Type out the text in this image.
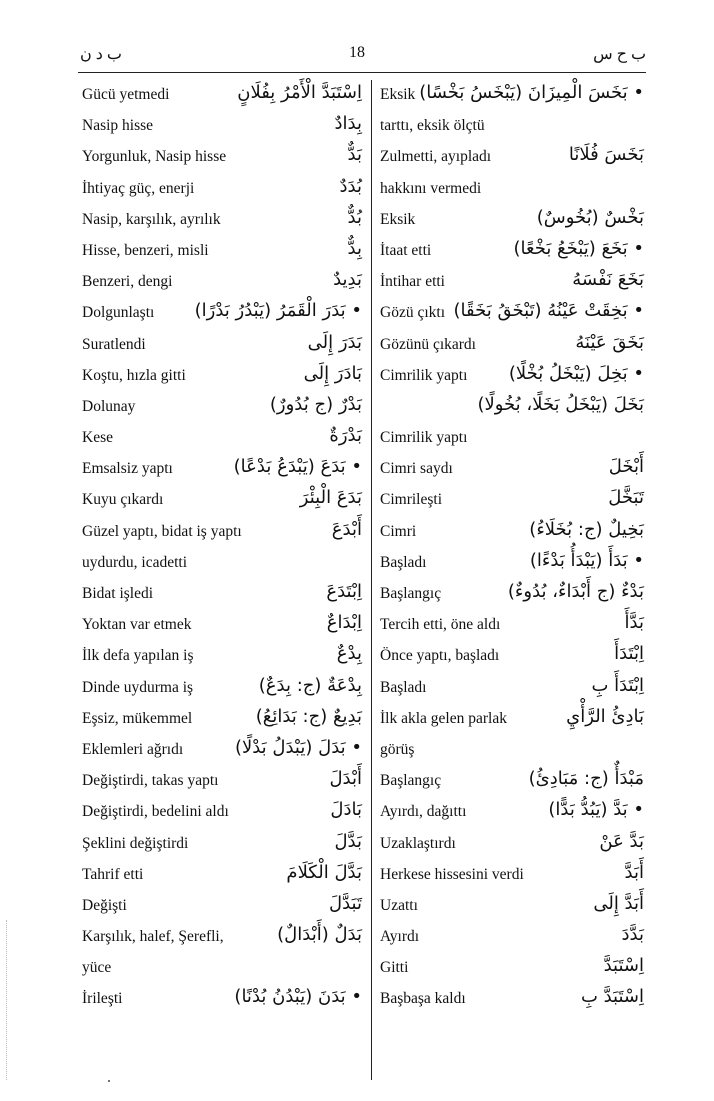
ب د ن	18	ب ح س
Gücü yetmedi	اِسْتَبَدَّ الْأَمْرُ بِفُلَانٍ
Nasip hisse	بِدَادٌ
Yorgunluk, Nasip hisse	بَدٌّ
İhtiyaç güç, enerji	بُدَدٌ
Nasip, karşılık, ayrılık	بُدٌّ
Hisse, benzeri, misli	بِدٌّ
Benzeri, dengi	بَدِيدٌ
Dolgunlaştı • بَدَرَ الْقَمَرُ (يَبْدُرُ بَدْرًا)
Suratlendi	بَدَرَ إِلَى
Koştu, hızla gitti	بَادَرَ إِلَى
Dolunay	بَدْرٌ (ج بُدُورٌ)
Kese	بَدْرَةٌ
Emsalsiz yaptı	• بَدَعَ (يَبْدَعُ بَدْعًا)
Kuyu çıkardı	بَدَعَ الْبِئْرَ
Güzel yaptı, bidat iş yaptı	أَبْدَعَ
uydurdu, icadetti
Bidat işledi	اِبْتَدَعَ
Yoktan var etmek	اِبْدَاعٌ
İlk defa yapılan iş	بِدْعٌ
Dinde uydurma iş	بِدْعَةٌ (ج: بِدَعٌ)
Eşsiz, mükemmel	بَدِيعٌ (ج: بَدَائِعُ)
Eklemleri ağrıdı	• بَدَلَ (يَبْدَلُ بَدْلًا)
Değiştirdi, takas yaptı	أَبْدَلَ
Değiştirdi, bedelini aldı	بَادَلَ
Şeklini değiştirdi	بَدَّلَ
Tahrif etti	بَدَّلَ الْكَلَامَ
Değişti	تَبَدَّلَ
Karşılık, halef, Şerefli,	بَدَلٌ (أَبْدَالٌ)
yüce
İrileşti	• بَدَنَ (يَبْدُنُ بُدْنًا)
Eksik • بَخَسَ الْمِيزَانَ (يَبْخَسُ بَخْسًا)
tarttı, eksik ölçtü
Zulmetti, ayıpladı	بَخَسَ فُلَانًا
hakkını vermedi
Eksik	بَخْسٌ (بُخُوسٌ)
İtaat etti	• بَخَعَ (يَبْخَعُ بَخْعًا)
İntihar etti	بَخَعَ نَفْسَهُ
Gözü çıktı • بَخِقَتْ عَيْنُهُ (تَبْخَقُ بَخَقًا)
Gözünü çıkardı	بَخَقَ عَيْنَهُ
Cimrilik yaptı • بَخِلَ (يَبْخَلُ بُخْلًا)
بَخَلَ (يَبْخَلُ بَخَلًا، بُخُولًا)
Cimrilik yaptı
Cimri saydı	أَبْخَلَ
Cimrileşti	تَبَخَّلَ
Cimri	بَخِيلٌ (ج: بُخَلَاءُ)
Başladı	• بَدَأَ (يَبْدَأُ بَدْءًا)
Başlangıç	بَدْءٌ (ج أَبْدَاءٌ، بُدُوءٌ)
Tercih etti, öne aldı	بَدَّأَ
Önce yaptı, başladı	اِبْتَدَأَ
Başladı	اِبْتَدَأَ بِ
İlk akla gelen parlak	بَادِئُ الرَّأْيِ
görüş
Başlangıç	مَبْدَأٌ (ج: مَبَادِئُ)
Ayırdı, dağıttı	• بَدَّ (يَبُدُّ بَدًّا)
Uzaklaştırdı	بَدَّ عَنْ
Herkese hissesini verdi	أَبَدَّ
Uzattı	أَبَدَّ إِلَى
Ayırdı	بَدَّدَ
Gitti	اِسْتَبَدَّ
Başbaşa kaldı	اِسْتَبَدَّ بِ
